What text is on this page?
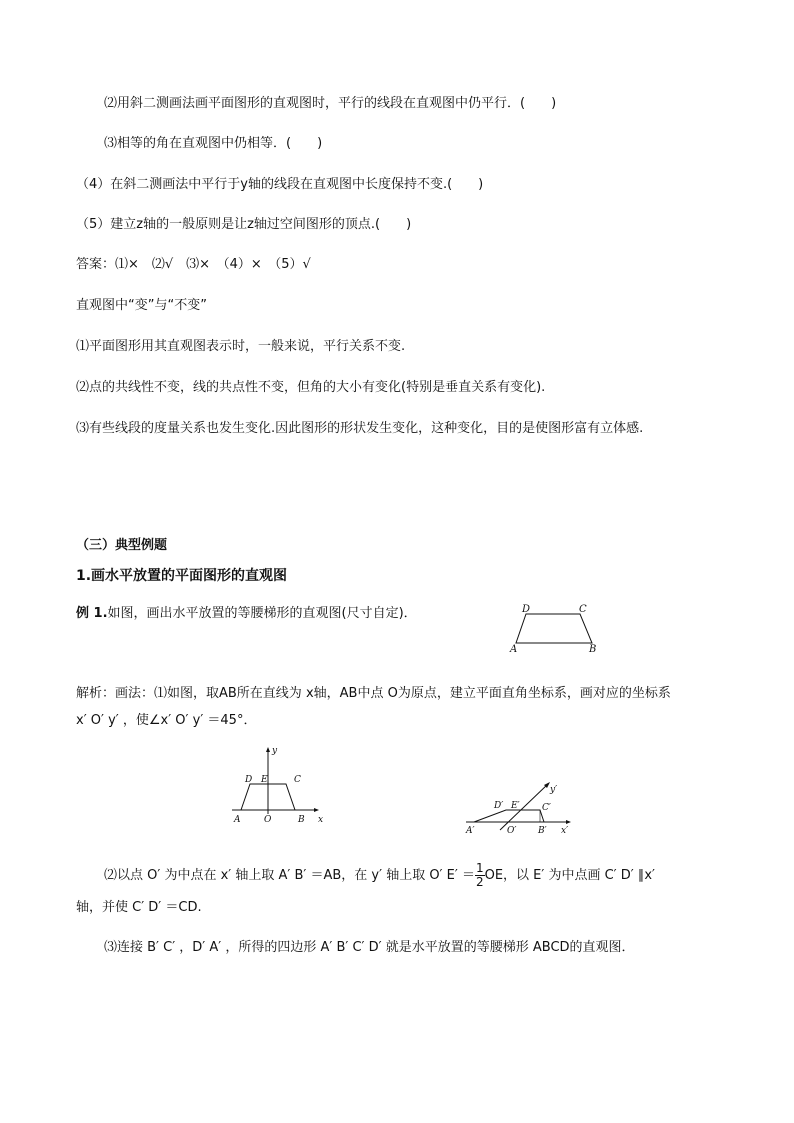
⑵用斜二测画法画平面图形的直观图时，平行的线段在直观图中仍平行．(　　)
⑶相等的角在直观图中仍相等．(　　)
（4）在斜二测画法中平行于y轴的线段在直观图中长度保持不变.(　　)
（5）建立z轴的一般原则是让z轴过空间图形的顶点.(　　)
答案：⑴×　⑵√　⑶×　（4）×　（5）√
直观图中“变”与“不变”
⑴平面图形用其直观图表示时，一般来说，平行关系不变.
⑵点的共线性不变，线的共点性不变，但角的大小有变化(特别是垂直关系有变化).
⑶有些线段的度量关系也发生变化.因此图形的形状发生变化，这种变化，目的是使图形富有立体感.
（三）典型例题
1.画水平放置的平面图形的直观图
例 1.如图，画出水平放置的等腰梯形的直观图(尺寸自定)．	D	C
A	B
解析：画法：⑴如图，取AB所在直线为 x轴，AB中点 O为原点，建立平面直角坐标系，画对应的坐标系
x′ O′ y′ ，使∠x′ O′ y′ ＝45°．
y
x
D E	C
A	O	B
y′
x′
D′ E′ C′
A′	O′ B′
⑵以点 O′ 为中点在 x′ 轴上取 A′ B′ ＝AB，在 y′ 轴上取 O′ $E' = \frac{1}{2}$ OE，以 E′ 为中点画 C′ D′ ∥x′
轴，并使 C′ D′ ＝CD.
⑶连接 B′ C′ ，D′ A′ ，所得的四边形 A′ B′ C′ D′ 就是水平放置的等腰梯形 ABCD的直观图．
